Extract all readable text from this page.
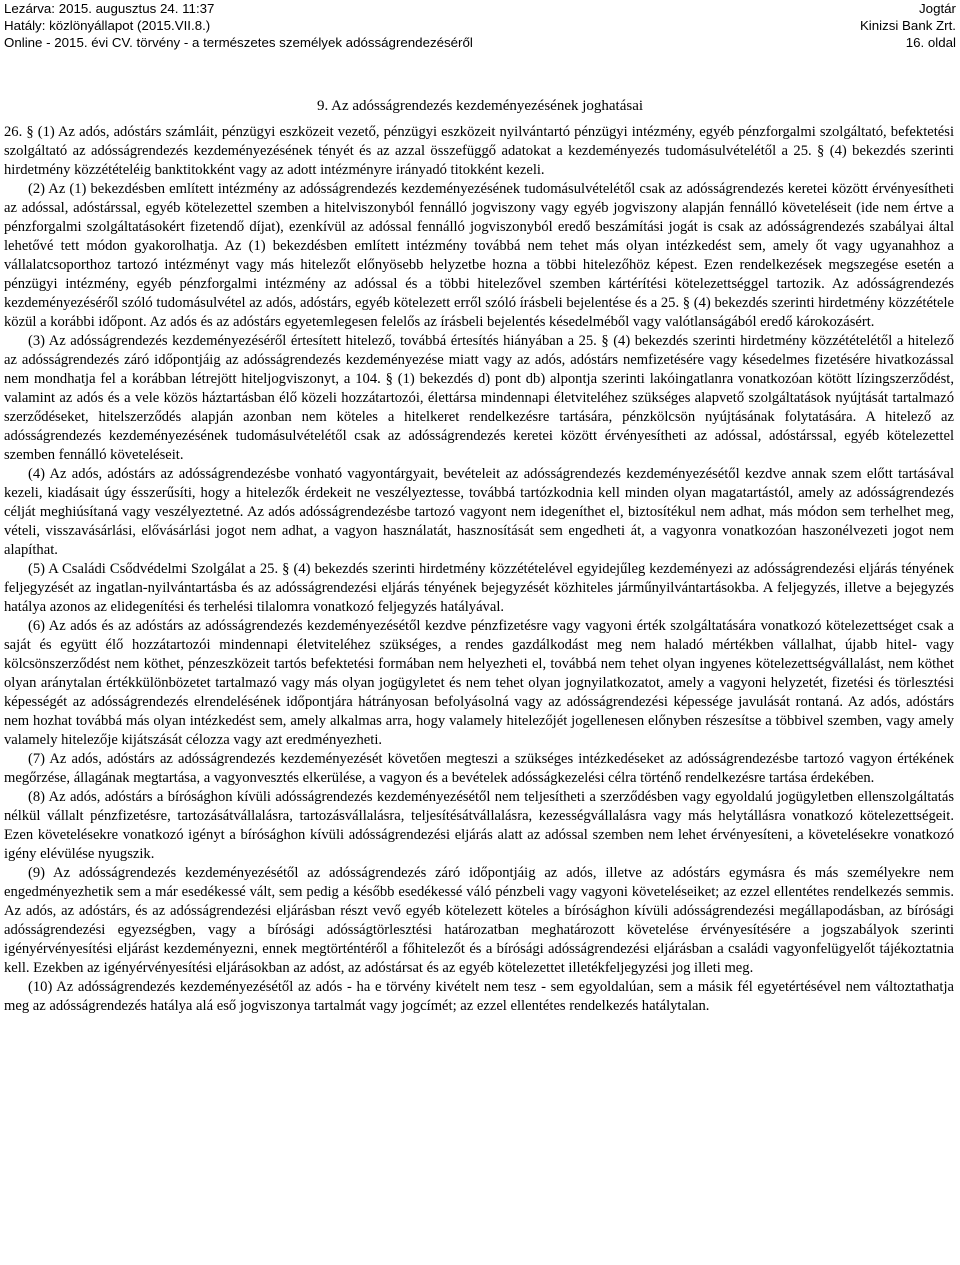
Lezárva: 2015. augusztus 24. 11:37
Hatály: közlönyállapot (2015.VII.8.)
Online - 2015. évi CV. törvény - a természetes személyek adósságrendezéséről
Jogtár
Kinizsi Bank Zrt.
16. oldal
9. Az adósságrendezés kezdeményezésének joghatásai

26. § (1) Az adós, adóstárs számláit, pénzügyi eszközeit vezető, pénzügyi eszközeit nyilvántartó pénzügyi intézmény, egyéb pénzforgalmi szolgáltató, befektetési szolgáltató az adósságrendezés kezdeményezésének tényét és az azzal összefüggő adatokat a kezdeményezés tudomásulvételétől a 25. § (4) bekezdés szerinti hirdetmény közzétételéig banktitokként vagy az adott intézményre irányadó titokként kezeli.

(2) Az (1) bekezdésben említett intézmény az adósságrendezés kezdeményezésének tudomásulvételétől csak az adósságrendezés keretei között érvényesítheti az adóssal, adóstárssal, egyéb kötelezettel szemben a hitelviszonyból fennálló jogviszony vagy egyéb jogviszony alapján fennálló követeléseit (ide nem értve a pénzforgalmi szolgáltatásokért fizetendő díjat), ezenkívül az adóssal fennálló jogviszonyból eredő beszámítási jogát is csak az adósságrendezés szabályai által lehetővé tett módon gyakorolhatja. Az (1) bekezdésben említett intézmény továbbá nem tehet más olyan intézkedést sem, amely őt vagy ugyanahhoz a vállalatcsoporthoz tartozó intézményt vagy más hitelezőt előnyösebb helyzetbe hozna a többi hitelezőhöz képest. Ezen rendelkezések megszegése esetén a pénzügyi intézmény, egyéb pénzforgalmi intézmény az adóssal és a többi hitelezővel szemben kártérítési kötelezettséggel tartozik. Az adósságrendezés kezdeményezéséről szóló tudomásulvétel az adós, adóstárs, egyéb kötelezett erről szóló írásbeli bejelentése és a 25. § (4) bekezdés szerinti hirdetmény közzététele közül a korábbi időpont. Az adós és az adóstárs egyetemlegesen felelős az írásbeli bejelentés késedelméből vagy valótlanságából eredő károkozásért.

(3) Az adósságrendezés kezdeményezéséről értesített hitelező, továbbá értesítés hiányában a 25. § (4) bekezdés szerinti hirdetmény közzétételétől a hitelező az adósságrendezés záró időpontjáig az adósságrendezés kezdeményezése miatt vagy az adós, adóstárs nemfizetésére vagy késedelmes fizetésére hivatkozással nem mondhatja fel a korábban létrejött hiteljogviszonyt, a 104. § (1) bekezdés d) pont db) alpontja szerinti lakóingatlanra vonatkozóan kötött lízingszerződést, valamint az adós és a vele közös háztartásban élő közeli hozzátartozói, élettársa mindennapi életviteléhez szükséges alapvető szolgáltatások nyújtását tartalmazó szerződéseket, hitelszerződés alapján azonban nem köteles a hitelkeret rendelkezésre tartására, pénzkölcsön nyújtásának folytatására. A hitelező az adósságrendezés kezdeményezésének tudomásulvételétől csak az adósságrendezés keretei között érvényesítheti az adóssal, adóstárssal, egyéb kötelezettel szemben fennálló követeléseit.

(4) Az adós, adóstárs az adósságrendezésbe vonható vagyontárgyait, bevételeit az adósságrendezés kezdeményezésétől kezdve annak szem előtt tartásával kezeli, kiadásait úgy ésszerűsíti, hogy a hitelezők érdekeit ne veszélyeztesse, továbbá tartózkodnia kell minden olyan magatartástól, amely az adósságrendezés célját meghiúsítaná vagy veszélyeztetné. Az adós adósságrendezésbe tartozó vagyont nem idegeníthet el, biztosítékul nem adhat, más módon sem terhelhet meg, vételi, visszavásárlási, elővásárlási jogot nem adhat, a vagyon használatát, hasznosítását sem engedheti át, a vagyonra vonatkozóan haszonélvezeti jogot nem alapíthat.

(5) A Családi Csődvédelmi Szolgálat a 25. § (4) bekezdés szerinti hirdetmény közzétételével egyidejűleg kezdeményezi az adósságrendezési eljárás tényének feljegyzését az ingatlan-nyilvántartásba és az adósságrendezési eljárás tényének bejegyzését közhiteles járműnyilvántartásokba. A feljegyzés, illetve a bejegyzés hatálya azonos az elidegenítési és terhelési tilalomra vonatkozó feljegyzés hatályával.

(6) Az adós és az adóstárs az adósságrendezés kezdeményezésétől kezdve pénzfizetésre vagy vagyoni érték szolgáltatására vonatkozó kötelezettséget csak a saját és együtt élő hozzátartozói mindennapi életviteléhez szükséges, a rendes gazdálkodást meg nem haladó mértékben vállalhat, újabb hitel- vagy kölcsönszerződést nem köthet, pénzeszközeit tartós befektetési formában nem helyezheti el, továbbá nem tehet olyan ingyenes kötelezettségvállalást, nem köthet olyan aránytalan értékkülönbözetet tartalmazó vagy más olyan jogügyletet és nem tehet olyan jognyilatkozatot, amely a vagyoni helyzetét, fizetési és törlesztési képességét az adósságrendezés elrendelésének időpontjára hátrányosan befolyásolná vagy az adósságrendezési képessége javulását rontaná. Az adós, adóstárs nem hozhat továbbá más olyan intézkedést sem, amely alkalmas arra, hogy valamely hitelezőjét jogellenesen előnyben részesítse a többivel szemben, vagy amely valamely hitelezője kijátszását célozza vagy azt eredményezheti.

(7) Az adós, adóstárs az adósságrendezés kezdeményezését követően megteszi a szükséges intézkedéseket az adósságrendezésbe tartozó vagyon értékének megőrzése, állagának megtartása, a vagyonvesztés elkerülése, a vagyon és a bevételek adósságkezelési célra történő rendelkezésre tartása érdekében.

(8) Az adós, adóstárs a bírósághon kívüli adósságrendezés kezdeményezésétől nem teljesítheti a szerződésben vagy egyoldalú jogügyletben ellenszolgáltatás nélkül vállalt pénzfizetésre, tartozásátvállalásra, tartozásvállalásra, teljesítésátvállalásra, kezességvállalásra vagy más helytállásra vonatkozó kötelezettségeit. Ezen követelésekre vonatkozó igényt a bírósághon kívüli adósságrendezési eljárás alatt az adóssal szemben nem lehet érvényesíteni, a követelésekre vonatkozó igény elévülése nyugszik.

(9) Az adósságrendezés kezdeményezésétől az adósságrendezés záró időpontjáig az adós, illetve az adóstárs egymásra és más személyekre nem engedményezhetik sem a már esedékessé vált, sem pedig a később esedékessé váló pénzbeli vagy vagyoni követeléseiket; az ezzel ellentétes rendelkezés semmis. Az adós, az adóstárs, és az adósságrendezési eljárásban részt vevő egyéb kötelezett köteles a bírósághon kívüli adósságrendezési megállapodásban, az bírósági adósságrendezési egyezségben, vagy a bírósági adósságtörlesztési határozatban meghatározott követelése érvényesítésére a jogszabályok szerinti igényérvényesítési eljárást kezdeményezni, ennek megtörténtéről a főhitelezőt és a bírósági adósságrendezési eljárásban a családi vagyonfelügyelőt tájékoztatnia kell. Ezekben az igényérvényesítési eljárásokban az adóst, az adóstársat és az egyéb kötelezettet illetékfeljegyzési jog illeti meg.

(10) Az adósságrendezés kezdeményezésétől az adós - ha e törvény kivételt nem tesz - sem egyoldalúan, sem a másik fél egyetértésével nem változtathatja meg az adósságrendezés hatálya alá eső jogviszonya tartalmát vagy jogcímét; az ezzel ellentétes rendelkezés hatálytalan.
